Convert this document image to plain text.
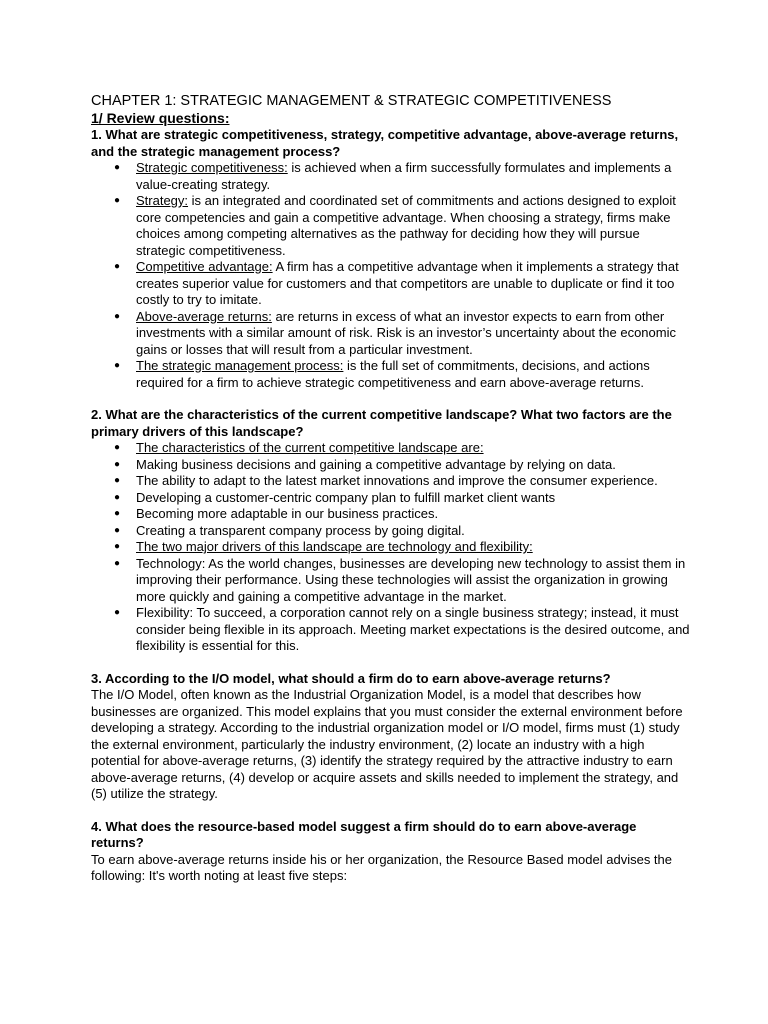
CHAPTER 1: STRATEGIC MANAGEMENT & STRATEGIC COMPETITIVENESS

1/ Review questions:

1. What are strategic competitiveness, strategy, competitive advantage, above-average returns, and the strategic management process?

● Strategic competitiveness: is achieved when a firm successfully formulates and implements a value-creating strategy.
● Strategy: is an integrated and coordinated set of commitments and actions designed to exploit core competencies and gain a competitive advantage. When choosing a strategy, firms make choices among competing alternatives as the pathway for deciding how they will pursue strategic competitiveness.
● Competitive advantage: A firm has a competitive advantage when it implements a strategy that creates superior value for customers and that competitors are unable to duplicate or find it too costly to try to imitate.
● Above-average returns: are returns in excess of what an investor expects to earn from other investments with a similar amount of risk. Risk is an investor’s uncertainty about the economic gains or losses that will result from a particular investment.
● The strategic management process: is the full set of commitments, decisions, and actions required for a firm to achieve strategic competitiveness and earn above-average returns.

2. What are the characteristics of the current competitive landscape? What two factors are the primary drivers of this landscape?

● The characteristics of the current competitive landscape are:
● Making business decisions and gaining a competitive advantage by relying on data.
● The ability to adapt to the latest market innovations and improve the consumer experience.
● Developing a customer-centric company plan to fulfill market client wants
● Becoming more adaptable in our business practices.
● Creating a transparent company process by going digital.
● The two major drivers of this landscape are technology and flexibility:
● Technology: As the world changes, businesses are developing new technology to assist them in improving their performance. Using these technologies will assist the organization in growing more quickly and gaining a competitive advantage in the market.
● Flexibility: To succeed, a corporation cannot rely on a single business strategy; instead, it must consider being flexible in its approach. Meeting market expectations is the desired outcome, and flexibility is essential for this.

3. According to the I/O model, what should a firm do to earn above-average returns?

The I/O Model, often known as the Industrial Organization Model, is a model that describes how businesses are organized. This model explains that you must consider the external environment before developing a strategy. According to the industrial organization model or I/O model, firms must (1) study the external environment, particularly the industry environment, (2) locate an industry with a high potential for above-average returns, (3) identify the strategy required by the attractive industry to earn above-average returns, (4) develop or acquire assets and skills needed to implement the strategy, and (5) utilize the strategy.

4. What does the resource-based model suggest a firm should do to earn above-average returns?

To earn above-average returns inside his or her organization, the Resource Based model advises the following: It's worth noting at least five steps:
